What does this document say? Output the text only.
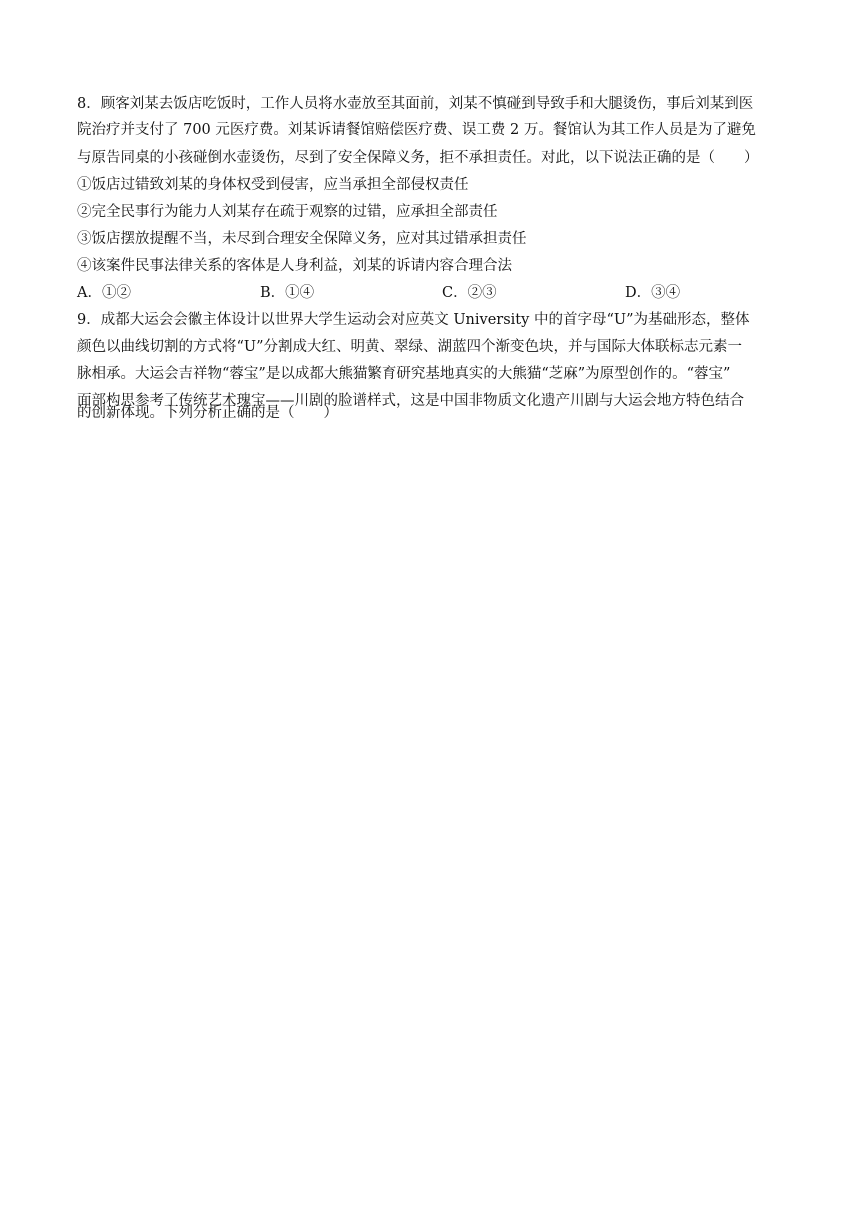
8．顾客刘某去饭店吃饭时，工作人员将水壶放至其面前，刘某不慎碰到导致手和大腿烫伤，事后刘某到医
院治疗并支付了 700 元医疗费。刘某诉请餐馆赔偿医疗费、误工费 2 万。餐馆认为其工作人员是为了避免
与原告同桌的小孩碰倒水壶烫伤，尽到了安全保障义务，拒不承担责任。对此，以下说法正确的是（　　）
①饭店过错致刘某的身体权受到侵害，应当承担全部侵权责任
②完全民事行为能力人刘某存在疏于观察的过错，应承担全部责任
③饭店摆放提醒不当，未尽到合理安全保障义务，应对其过错承担责任
④该案件民事法律关系的客体是人身利益，刘某的诉请内容合理合法
A．①②	B．①④	C．②③	D．③④
9．成都大运会会徽主体设计以世界大学生运动会对应英文 University 中的首字母“U”为基础形态，整体
颜色以曲线切割的方式将“U”分割成大红、明黄、翠绿、湖蓝四个渐变色块，并与国际大体联标志元素一
脉相承。大运会吉祥物“蓉宝”是以成都大熊猫繁育研究基地真实的大熊猫“芝麻”为原型创作的。“蓉宝”
面部构思参考了传统艺术瑰宝——川剧的脸谱样式，这是中国非物质文化遗产川剧与大运会地方特色结合
的创新体现。下列分析正确的是（　　）
